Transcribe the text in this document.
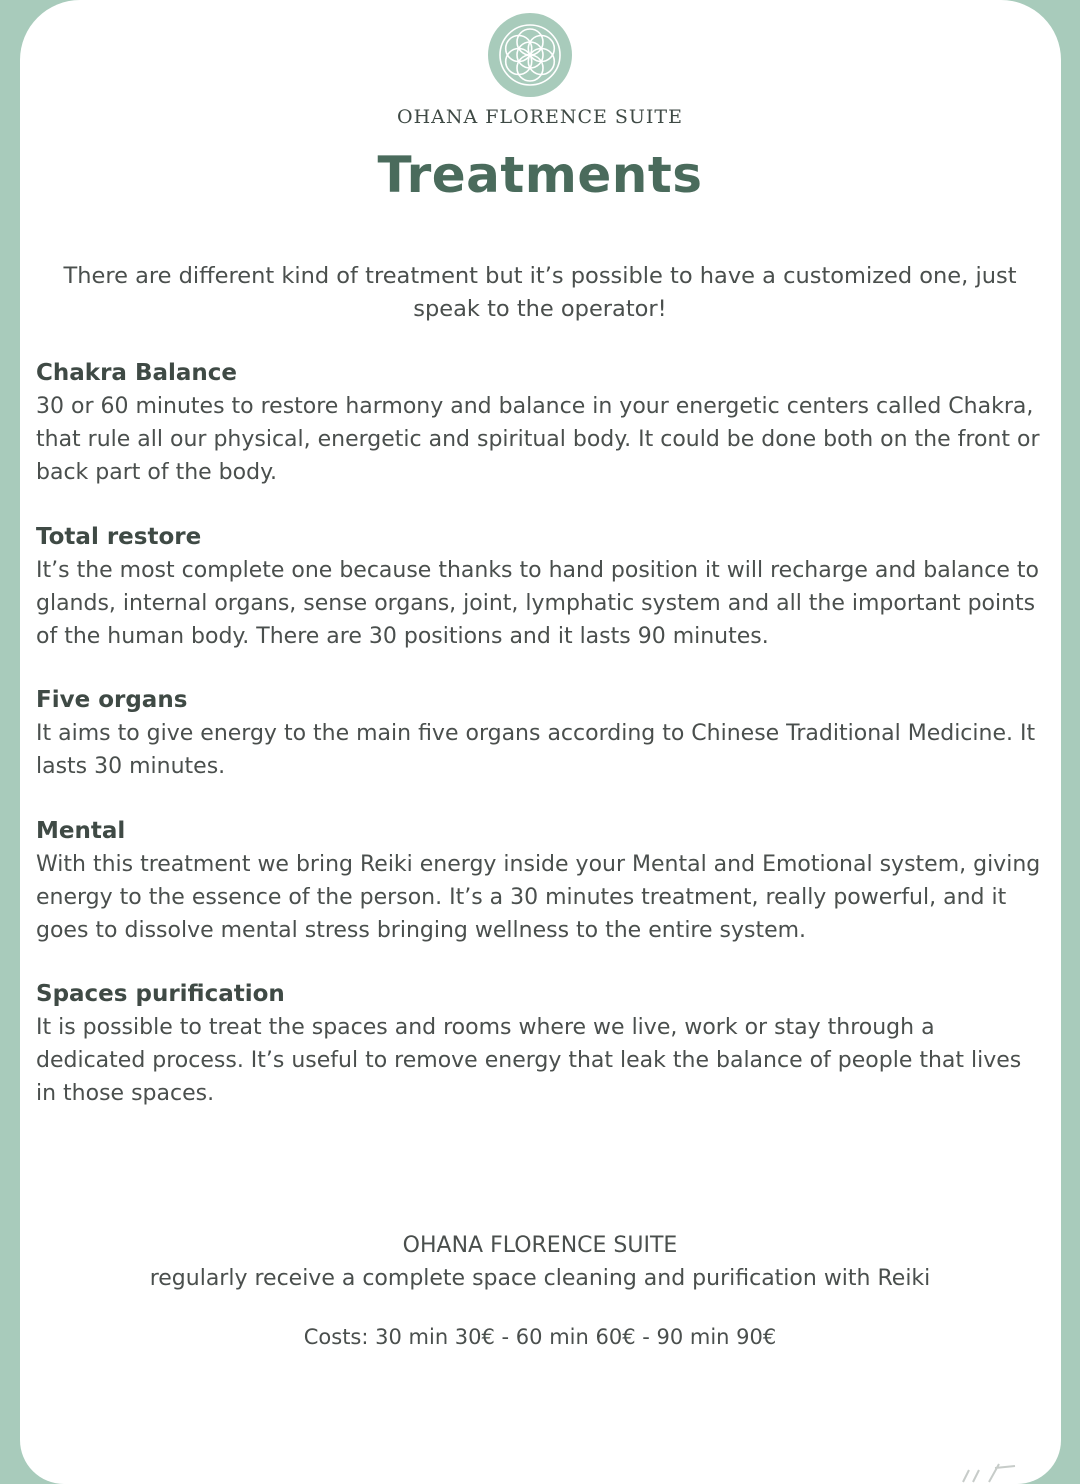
OHANA FLORENCE SUITE
Treatments
There are different kind of treatment but it’s possible to have a customized one, just speak to the operator!
Chakra Balance

30 or 60 minutes to restore harmony and balance in your energetic centers called Chakra, that rule all our physical, energetic and spiritual body. It could be done both on the front or back part of the body.

Total restore

It’s the most complete one because thanks to hand position it will recharge and balance to glands, internal organs, sense organs, joint, lymphatic system and all the important points of the human body. There are 30 positions and it lasts 90 minutes.

Five organs

It aims to give energy to the main five organs according to Chinese Traditional Medicine. It lasts 30 minutes.

Mental

With this treatment we bring Reiki energy inside your Mental and Emotional system, giving energy to the essence of the person. It’s a 30 minutes treatment, really powerful, and it goes to dissolve mental stress bringing wellness to the entire system.

Spaces purification

It is possible to treat the spaces and rooms where we live, work or stay through a dedicated process. It’s useful to remove energy that leak the balance of people that lives in those spaces.

OHANA FLORENCE SUITE
regularly receive a complete space cleaning and purification with Reiki
Costs: 30 min 30€ - 60 min 60€ - 90 min 90€
